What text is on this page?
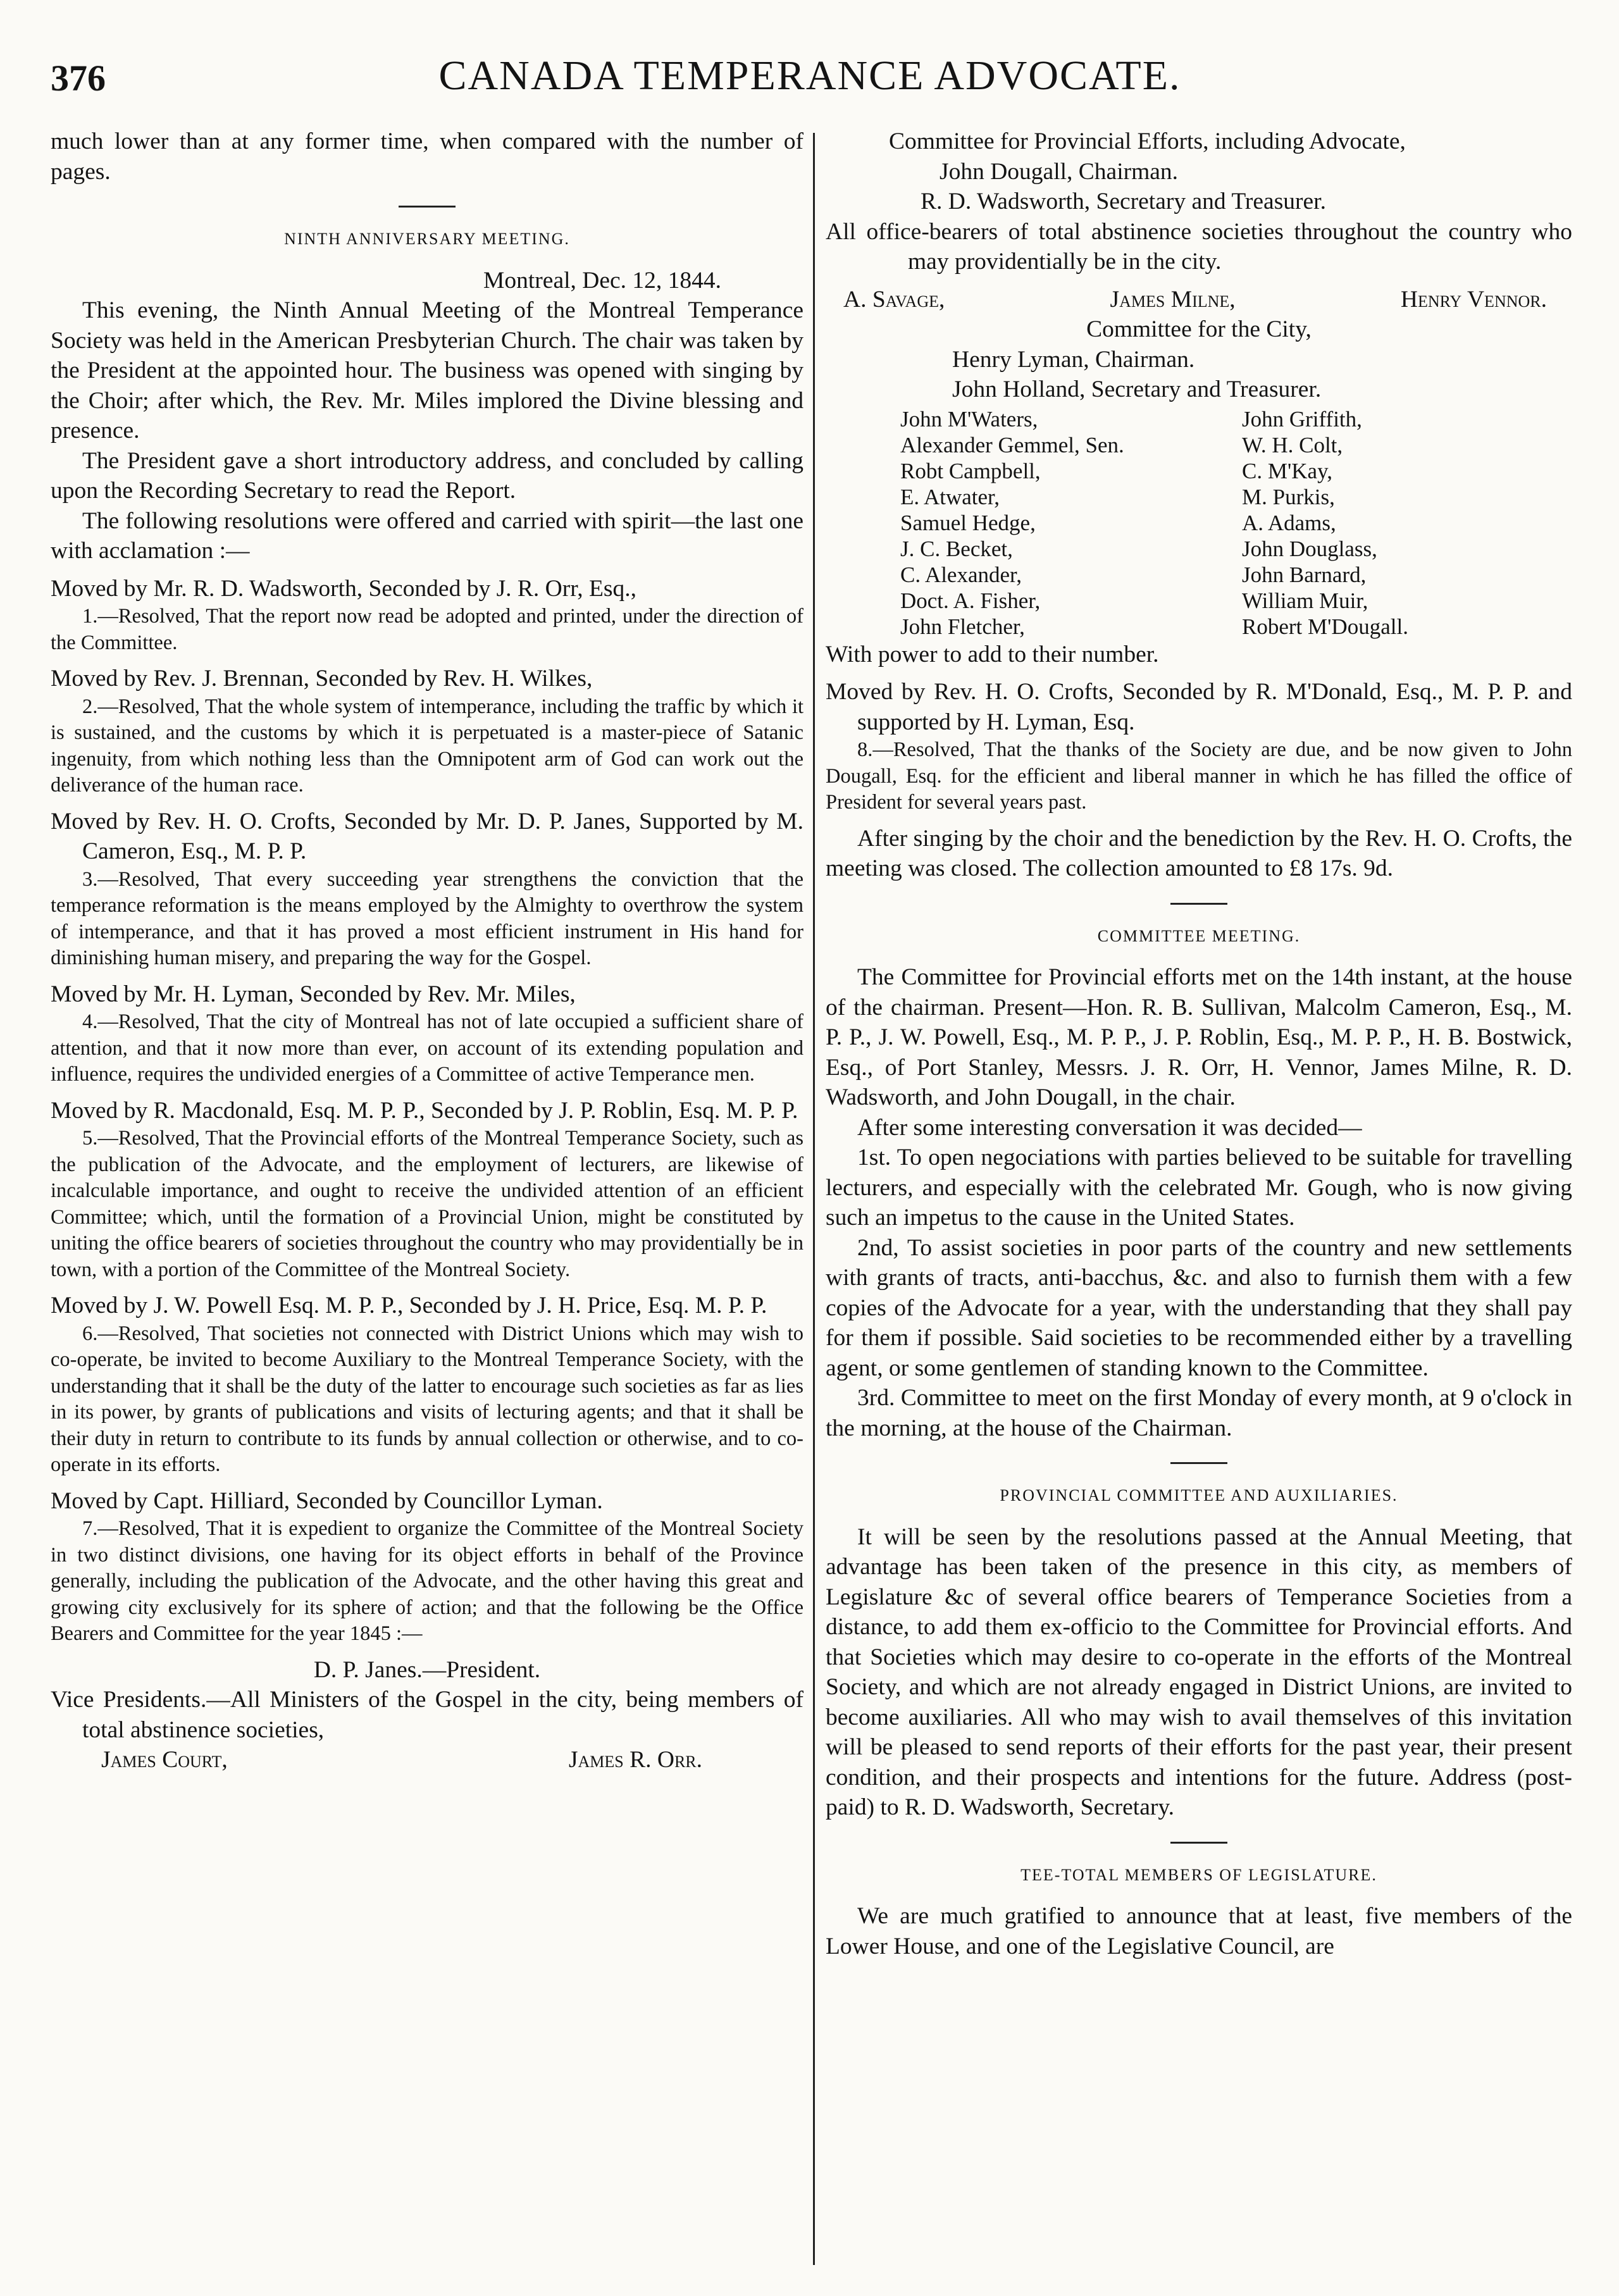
376	CANADA TEMPERANCE ADVOCATE.

much lower than at any former time, when compared with the number of pages.

NINTH ANNIVERSARY MEETING.

Montreal, Dec. 12, 1844.

This evening, the Ninth Annual Meeting of the Montreal Temperance Society was held in the American Presbyterian Church. The chair was taken by the President at the appointed hour. The business was opened with singing by the Choir; after which, the Rev. Mr. Miles implored the Divine blessing and presence.

The President gave a short introductory address, and concluded by calling upon the Recording Secretary to read the Report.

The following resolutions were offered and carried with spirit—the last one with acclamation :—

Moved by Mr. R. D. Wadsworth, Seconded by J. R. Orr, Esq.,

1.—Resolved, That the report now read be adopted and printed, under the direction of the Committee.

Moved by Rev. J. Brennan, Seconded by Rev. H. Wilkes,

2.—Resolved, That the whole system of intemperance, including the traffic by which it is sustained, and the customs by which it is perpetuated is a master-piece of Satanic ingenuity, from which nothing less than the Omnipotent arm of God can work out the deliverance of the human race.

Moved by Rev. H. O. Crofts, Seconded by Mr. D. P. Janes, Supported by M. Cameron, Esq., M. P. P.

3.—Resolved, That every succeeding year strengthens the conviction that the temperance reformation is the means employed by the Almighty to overthrow the system of intemperance, and that it has proved a most efficient instrument in His hand for diminishing human misery, and preparing the way for the Gospel.

Moved by Mr. H. Lyman, Seconded by Rev. Mr. Miles,

4.—Resolved, That the city of Montreal has not of late occupied a sufficient share of attention, and that it now more than ever, on account of its extending population and influence, requires the undivided energies of a Committee of active Temperance men.

Moved by R. Macdonald, Esq. M. P. P., Seconded by J. P. Roblin, Esq. M. P. P.

5.—Resolved, That the Provincial efforts of the Montreal Temperance Society, such as the publication of the Advocate, and the employment of lecturers, are likewise of incalculable importance, and ought to receive the undivided attention of an efficient Committee; which, until the formation of a Provincial Union, might be constituted by uniting the office bearers of societies throughout the country who may providentially be in town, with a portion of the Committee of the Montreal Society.

Moved by J. W. Powell Esq. M. P. P., Seconded by J. H. Price, Esq. M. P. P.

6.—Resolved, That societies not connected with District Unions which may wish to co-operate, be invited to become Auxiliary to the Montreal Temperance Society, with the understanding that it shall be the duty of the latter to encourage such societies as far as lies in its power, by grants of publications and visits of lecturing agents; and that it shall be their duty in return to contribute to its funds by annual collection or otherwise, and to co-operate in its efforts.

Moved by Capt. Hilliard, Seconded by Councillor Lyman.

7.—Resolved, That it is expedient to organize the Committee of the Montreal Society in two distinct divisions, one having for its object efforts in behalf of the Province generally, including the publication of the Advocate, and the other having this great and growing city exclusively for its sphere of action; and that the following be the Office Bearers and Committee for the year 1845 :—

D. P. Janes.—President.

Vice Presidents.—All Ministers of the Gospel in the city, being members of total abstinence societies,

James Court,	James R. Orr.

Committee for Provincial Efforts, including Advocate,

John Dougall, Chairman.

R. D. Wadsworth, Secretary and Treasurer.

All office-bearers of total abstinence societies throughout the country who may providentially be in the city.

A. Savage,	James Milne,	Henry Vennor.

Committee for the City,

Henry Lyman, Chairman.

John Holland, Secretary and Treasurer.

John M'Waters,	John Griffith,
Alexander Gemmel, Sen.	W. H. Colt,
Robt Campbell,	C. M'Kay,
E. Atwater,	M. Purkis,
Samuel Hedge,	A. Adams,
J. C. Becket,	John Douglass,
C. Alexander,	John Barnard,
Doct. A. Fisher,	William Muir,
John Fletcher,	Robert M'Dougall.

With power to add to their number.

Moved by Rev. H. O. Crofts, Seconded by R. M'Donald, Esq., M. P. P. and supported by H. Lyman, Esq.

8.—Resolved, That the thanks of the Society are due, and be now given to John Dougall, Esq. for the efficient and liberal manner in which he has filled the office of President for several years past.

After singing by the choir and the benediction by the Rev. H. O. Crofts, the meeting was closed. The collection amounted to £8 17s. 9d.

COMMITTEE MEETING.

The Committee for Provincial efforts met on the 14th instant, at the house of the chairman. Present—Hon. R. B. Sullivan, Malcolm Cameron, Esq., M. P. P., J. W. Powell, Esq., M. P. P., J. P. Roblin, Esq., M. P. P., H. B. Bostwick, Esq., of Port Stanley, Messrs. J. R. Orr, H. Vennor, James Milne, R. D. Wadsworth, and John Dougall, in the chair.

After some interesting conversation it was decided—

1st. To open negociations with parties believed to be suitable for travelling lecturers, and especially with the celebrated Mr. Gough, who is now giving such an impetus to the cause in the United States.

2nd, To assist societies in poor parts of the country and new settlements with grants of tracts, anti-bacchus, &c. and also to furnish them with a few copies of the Advocate for a year, with the understanding that they shall pay for them if possible. Said societies to be recommended either by a travelling agent, or some gentlemen of standing known to the Committee.

3rd. Committee to meet on the first Monday of every month, at 9 o'clock in the morning, at the house of the Chairman.

PROVINCIAL COMMITTEE AND AUXILIARIES.

It will be seen by the resolutions passed at the Annual Meeting, that advantage has been taken of the presence in this city, as members of Legislature &c of several office bearers of Temperance Societies from a distance, to add them ex-officio to the Committee for Provincial efforts. And that Societies which may desire to co-operate in the efforts of the Montreal Society, and which are not already engaged in District Unions, are invited to become auxiliaries. All who may wish to avail themselves of this invitation will be pleased to send reports of their efforts for the past year, their present condition, and their prospects and intentions for the future. Address (post-paid) to R. D. Wadsworth, Secretary.

TEE-TOTAL MEMBERS OF LEGISLATURE.

We are much gratified to announce that at least, five members of the Lower House, and one of the Legislative Council, are
